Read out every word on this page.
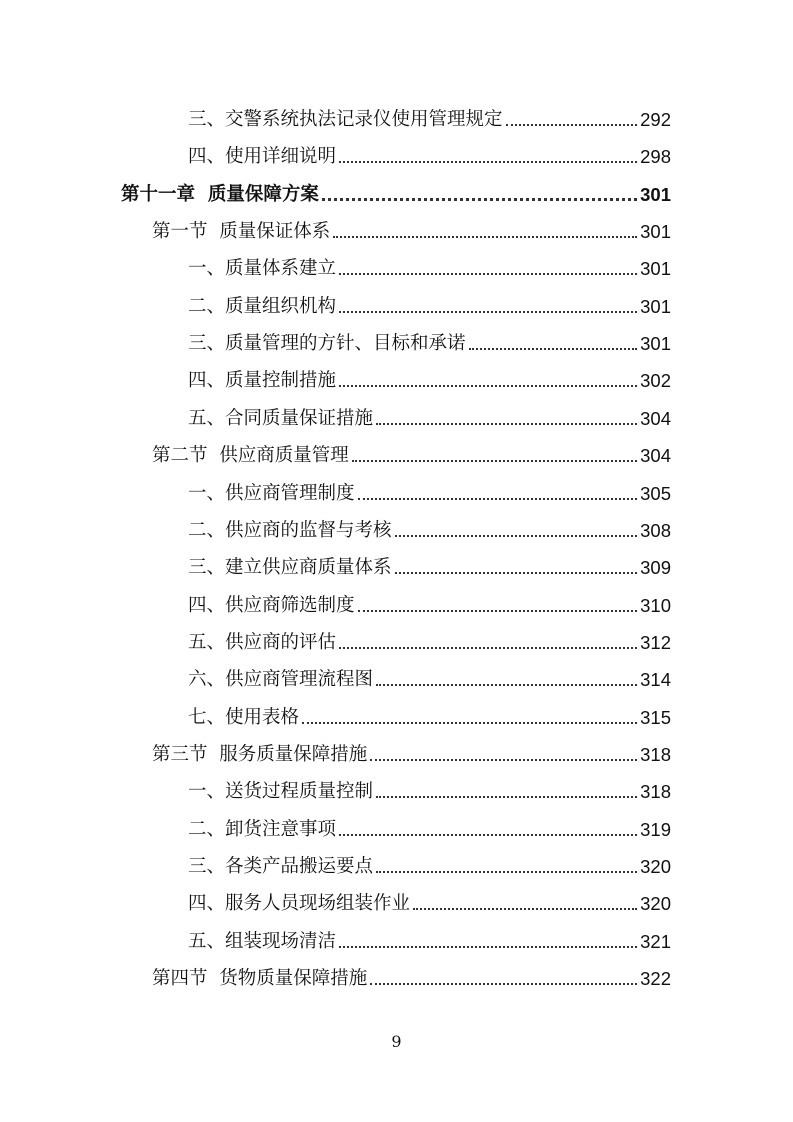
三、交警系统执法记录仪使用管理规定	292
四、使用详细说明	298
第十一章  质量保障方案	301
第一节  质量保证体系	301
一、质量体系建立	301
二、质量组织机构	301
三、质量管理的方针、目标和承诺	301
四、质量控制措施	302
五、合同质量保证措施	304
第二节  供应商质量管理	304
一、供应商管理制度	305
二、供应商的监督与考核	308
三、建立供应商质量体系	309
四、供应商筛选制度	310
五、供应商的评估	312
六、供应商管理流程图	314
七、使用表格	315
第三节  服务质量保障措施	318
一、送货过程质量控制	318
二、卸货注意事项	319
三、各类产品搬运要点	320
四、服务人员现场组装作业	320
五、组装现场清洁	321
第四节  货物质量保障措施	322
9
